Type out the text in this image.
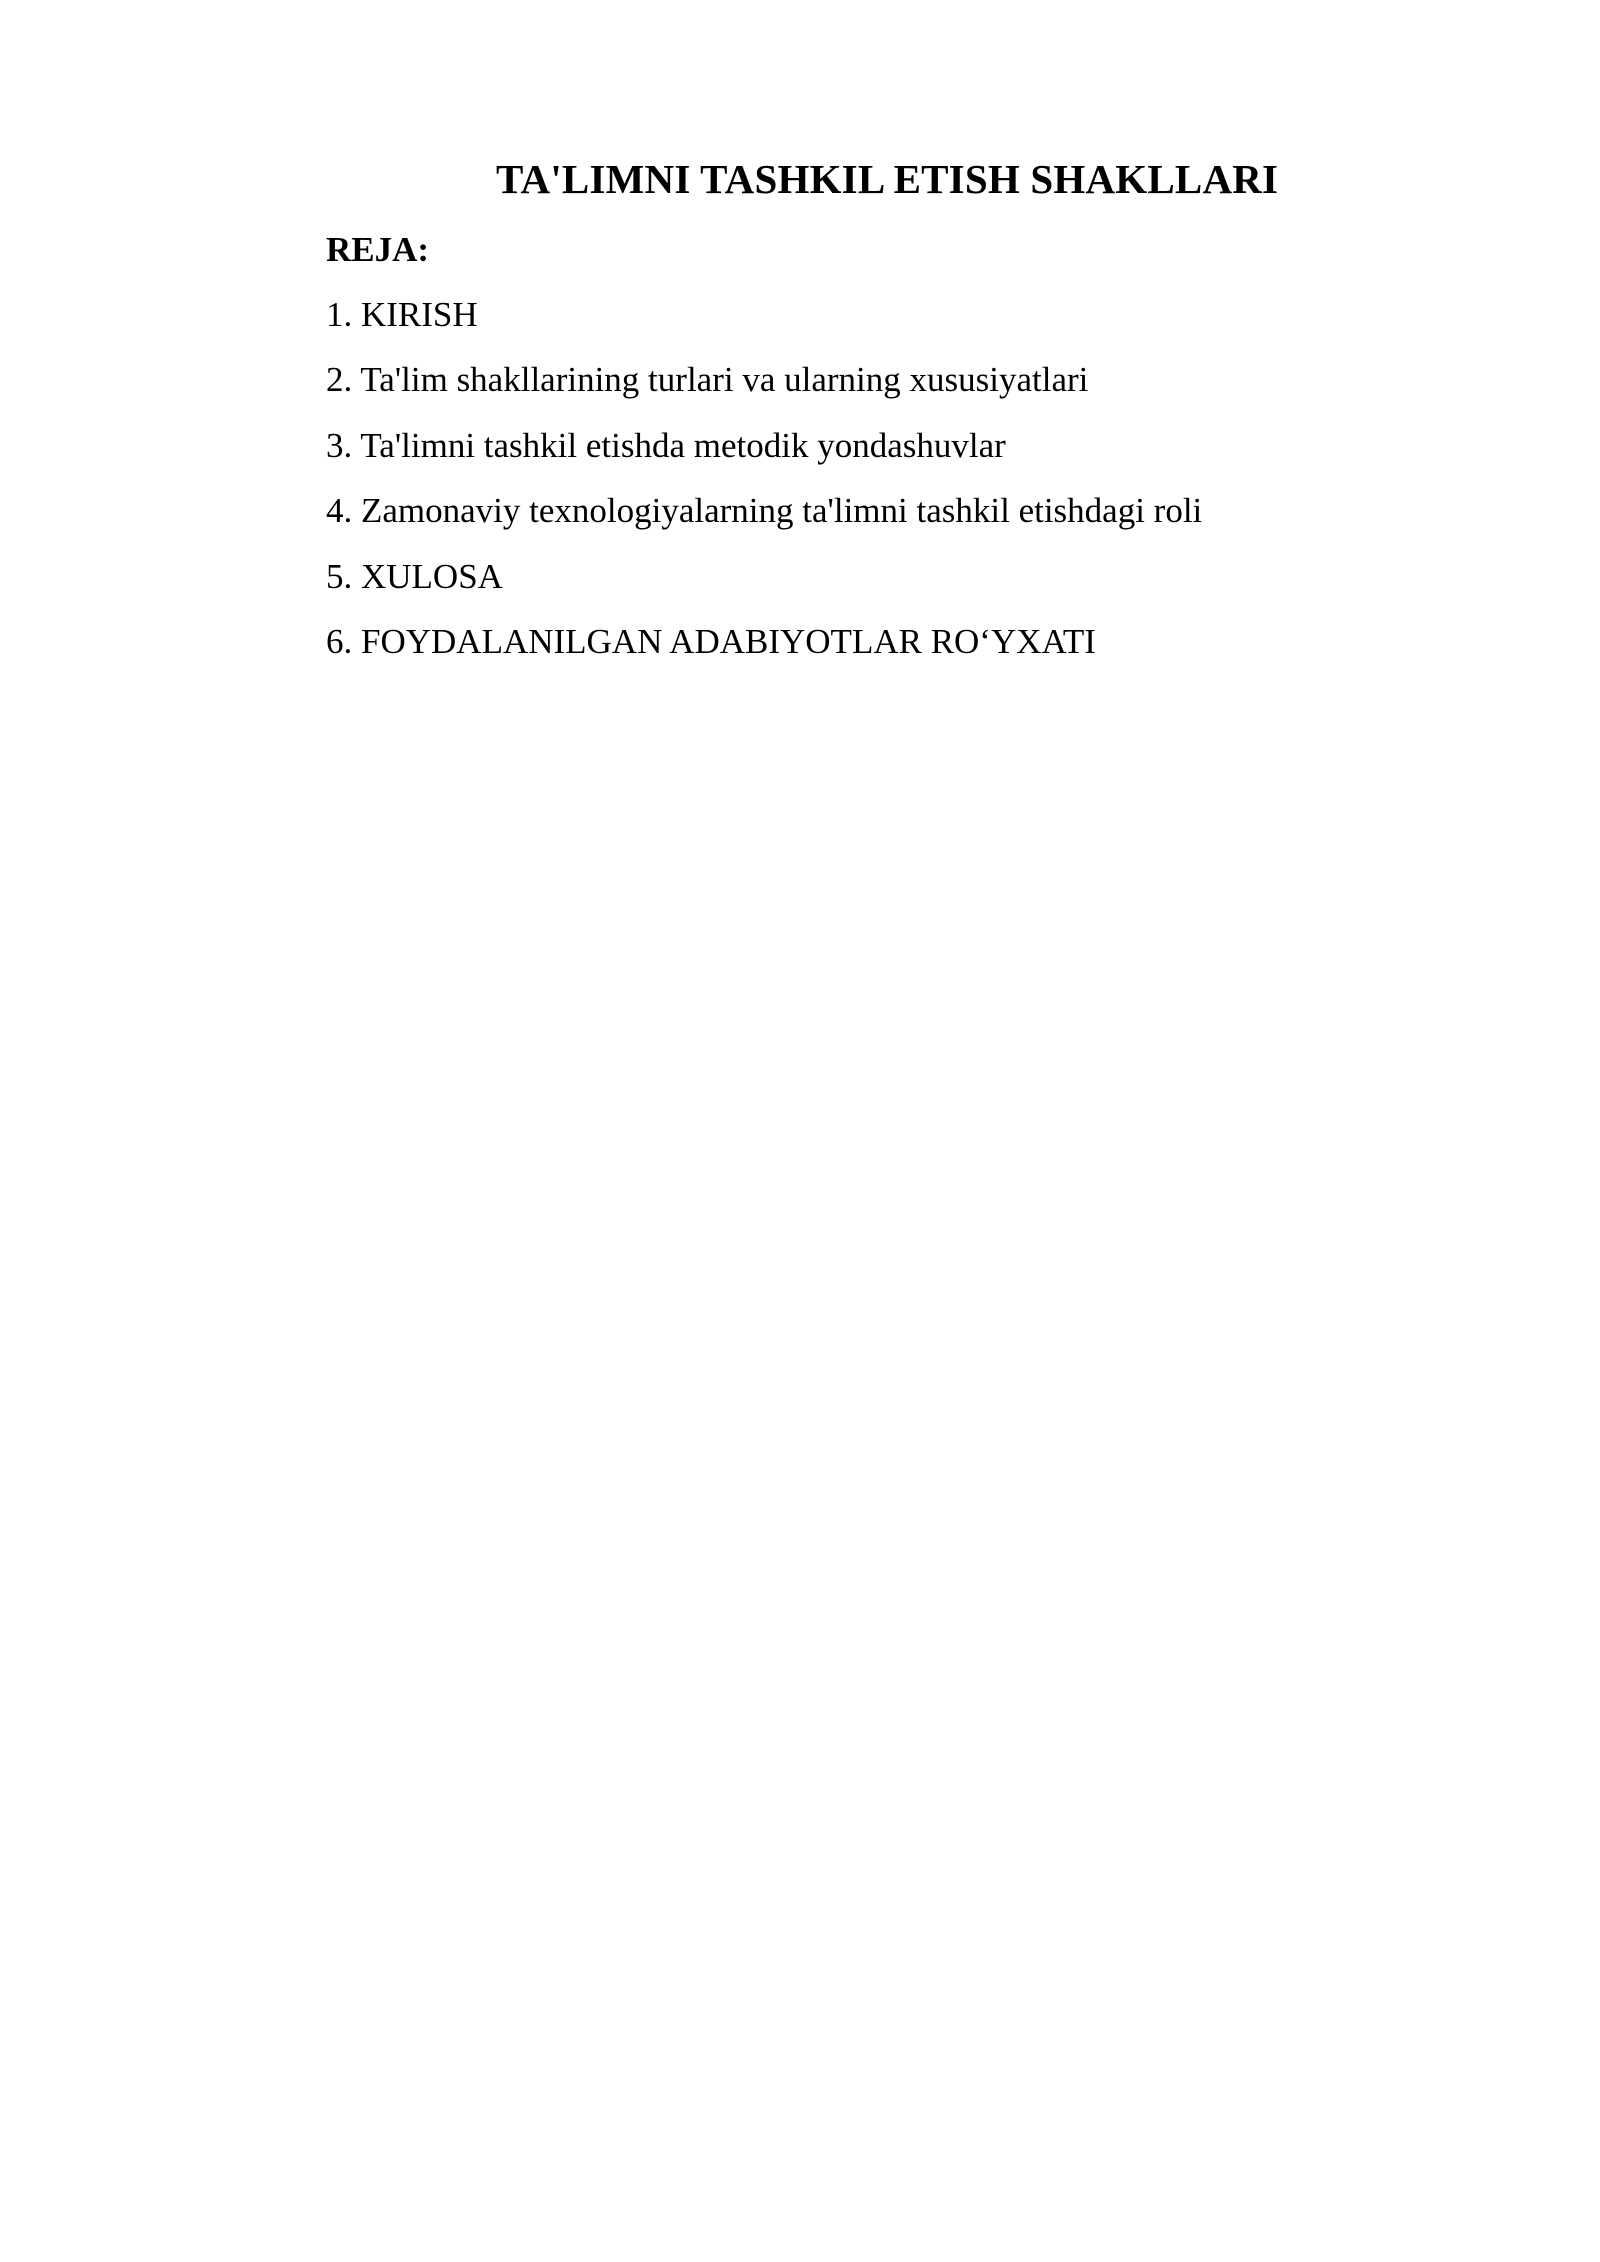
TA'LIMNI TASHKIL ETISH SHAKLLARI
REJA:
1. KIRISH
2. Ta'lim shakllarining turlari va ularning xususiyatlari
3. Ta'limni tashkil etishda metodik yondashuvlar
4. Zamonaviy texnologiyalarning ta'limni tashkil etishdagi roli
5. XULOSA
6. FOYDALANILGAN ADABIYOTLAR RO‘YXATI
